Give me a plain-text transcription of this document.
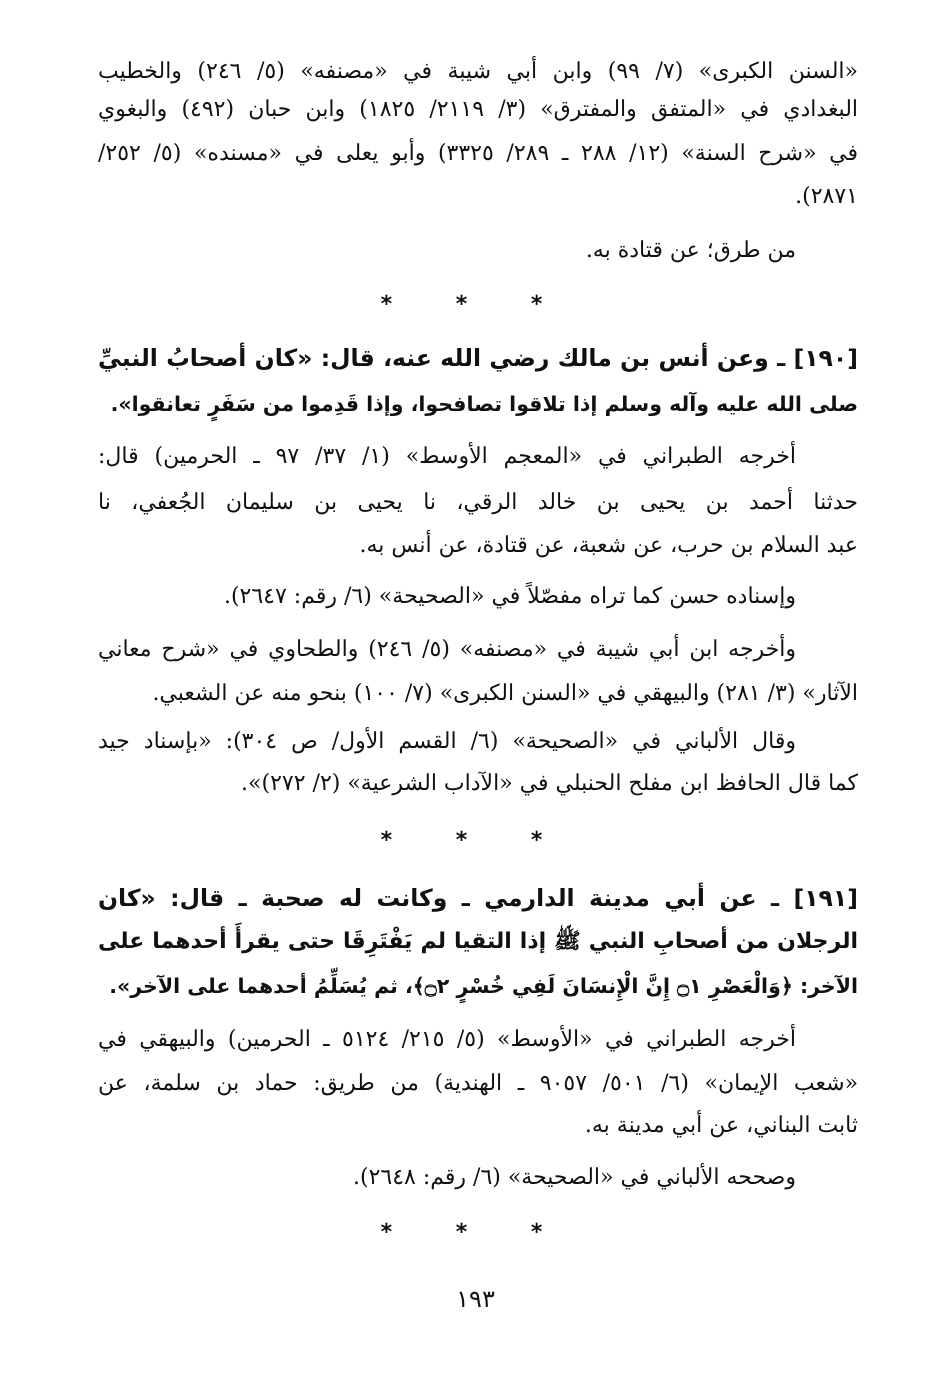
«السنن الكبرى» (٧/ ٩٩) وابن أبي شيبة في «مصنفه» (٥/ ٢٤٦) والخطيب
البغدادي في «المتفق والمفترق» (٣/ ٢١١٩/ ١٨٢٥) وابن حبان (٤٩٢) والبغوي
في «شرح السنة» (١٢/ ٢٨٨ ـ ٢٨٩/ ٣٣٢٥) وأبو يعلى في «مسنده» (٥/ ٢٥٢/
٢٨٧١).
من طرق؛ عن قتادة به.
* * *
[١٩٠] ـ وعن أنس بن مالك رضي الله عنه، قال: «كان أصحابُ النبيِّ
صلى الله عليه وآله وسلم إذا تلاقوا تصافحوا، وإذا قَدِموا من سَفَرٍ تعانقوا».
أخرجه الطبراني في «المعجم الأوسط» (١/ ٣٧/ ٩٧ ـ الحرمين) قال:
حدثنا أحمد بن يحيى بن خالد الرقي، نا يحيى بن سليمان الجُعفي، نا
عبد السلام بن حرب، عن شعبة، عن قتادة، عن أنس به.
وإسناده حسن كما تراه مفصّلاً في «الصحيحة» (٦/ رقم: ٢٦٤٧).
وأخرجه ابن أبي شيبة في «مصنفه» (٥/ ٢٤٦) والطحاوي في «شرح معاني
الآثار» (٣/ ٢٨١) والبيهقي في «السنن الكبرى» (٧/ ١٠٠) بنحو منه عن الشعبي.
وقال الألباني في «الصحيحة» (٦/ القسم الأول/ ص ٣٠٤): «بإسناد جيد
كما قال الحافظ ابن مفلح الحنبلي في «الآداب الشرعية» (٢/ ٢٧٢)».
* * *
[١٩١] ـ عن أبي مدينة الدارمي ـ وكانت له صحبة ـ قال: «كان
الرجلان من أصحابِ النبي ﷺ إذا التقيا لم يَفْتَرِقَا حتى يقرأَ أحدهما على
الآخر: ﴿وَالْعَصْرِ ۝١ إِنَّ الْإِنسَانَ لَفِي خُسْرٍ ۝٢﴾، ثم يُسَلِّمُ أحدهما على الآخر».
أخرجه الطبراني في «الأوسط» (٥/ ٢١٥/ ٥١٢٤ ـ الحرمين) والبيهقي في
«شعب الإيمان» (٦/ ٥٠١/ ٩٠٥٧ ـ الهندية) من طريق: حماد بن سلمة، عن
ثابت البناني، عن أبي مدينة به.
وصححه الألباني في «الصحيحة» (٦/ رقم: ٢٦٤٨).
* * *
١٩٣
